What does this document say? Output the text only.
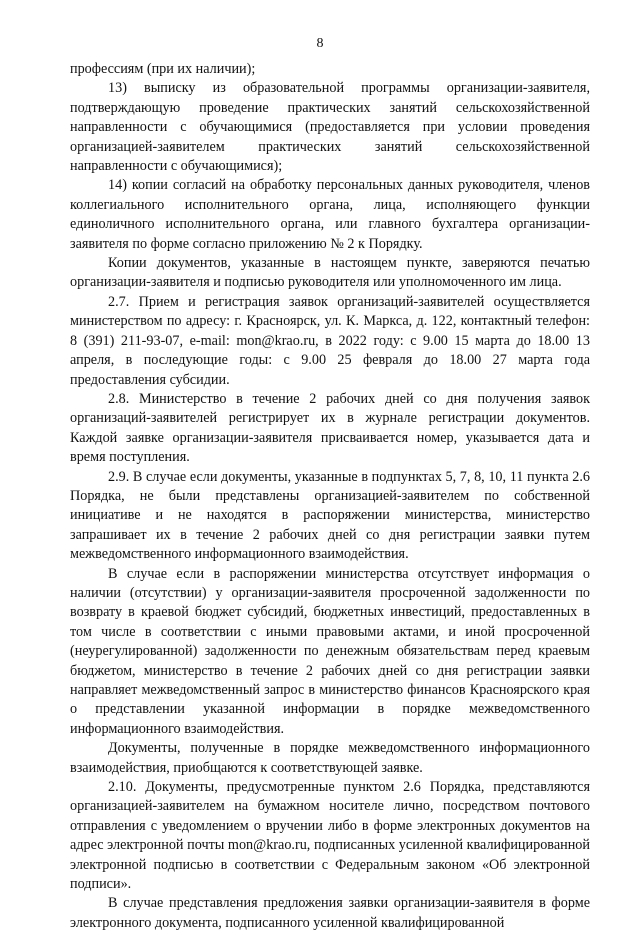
8

профессиям (при их наличии);

13) выписку из образовательной программы организации-заявителя, подтверждающую проведение практических занятий сельскохозяйственной направленности с обучающимися (предоставляется при условии проведения организацией-заявителем практических занятий сельскохозяйственной направленности с обучающимися);

14) копии согласий на обработку персональных данных руководителя, членов коллегиального исполнительного органа, лица, исполняющего функции единоличного исполнительного органа, или главного бухгалтера организации-заявителя по форме согласно приложению № 2 к Порядку.

Копии документов, указанные в настоящем пункте, заверяются печатью организации-заявителя и подписью руководителя или уполномоченного им лица.

2.7. Прием и регистрация заявок организаций-заявителей осуществляется министерством по адресу: г. Красноярск, ул. К. Маркса, д. 122, контактный телефон: 8 (391) 211-93-07, e-mail: mon@krao.ru, в 2022 году: с 9.00 15 марта до 18.00 13 апреля, в последующие годы: с 9.00 25 февраля до 18.00 27 марта года предоставления субсидии.

2.8. Министерство в течение 2 рабочих дней со дня получения заявок организаций-заявителей регистрирует их в журнале регистрации документов. Каждой заявке организации-заявителя присваивается номер, указывается дата и время поступления.

2.9. В случае если документы, указанные в подпунктах 5, 7, 8, 10, 11 пункта 2.6 Порядка, не были представлены организацией-заявителем по собственной инициативе и не находятся в распоряжении министерства, министерство запрашивает их в течение 2 рабочих дней со дня регистрации заявки путем межведомственного информационного взаимодействия.

В случае если в распоряжении министерства отсутствует информация о наличии (отсутствии) у организации-заявителя просроченной задолженности по возврату в краевой бюджет субсидий, бюджетных инвестиций, предоставленных в том числе в соответствии с иными правовыми актами, и иной просроченной (неурегулированной) задолженности по денежным обязательствам перед краевым бюджетом, министерство в течение 2 рабочих дней со дня регистрации заявки направляет межведомственный запрос в министерство финансов Красноярского края о представлении указанной информации в порядке межведомственного информационного взаимодействия.

Документы, полученные в порядке межведомственного информационного взаимодействия, приобщаются к соответствующей заявке.

2.10. Документы, предусмотренные пунктом 2.6 Порядка, представляются организацией-заявителем на бумажном носителе лично, посредством почтового отправления с уведомлением о вручении либо в форме электронных документов на адрес электронной почты mon@krao.ru, подписанных усиленной квалифицированной электронной подписью в соответствии с Федеральным законом «Об электронной подписи».

В случае представления предложения заявки организации-заявителя в форме электронного документа, подписанного усиленной квалифицированной
